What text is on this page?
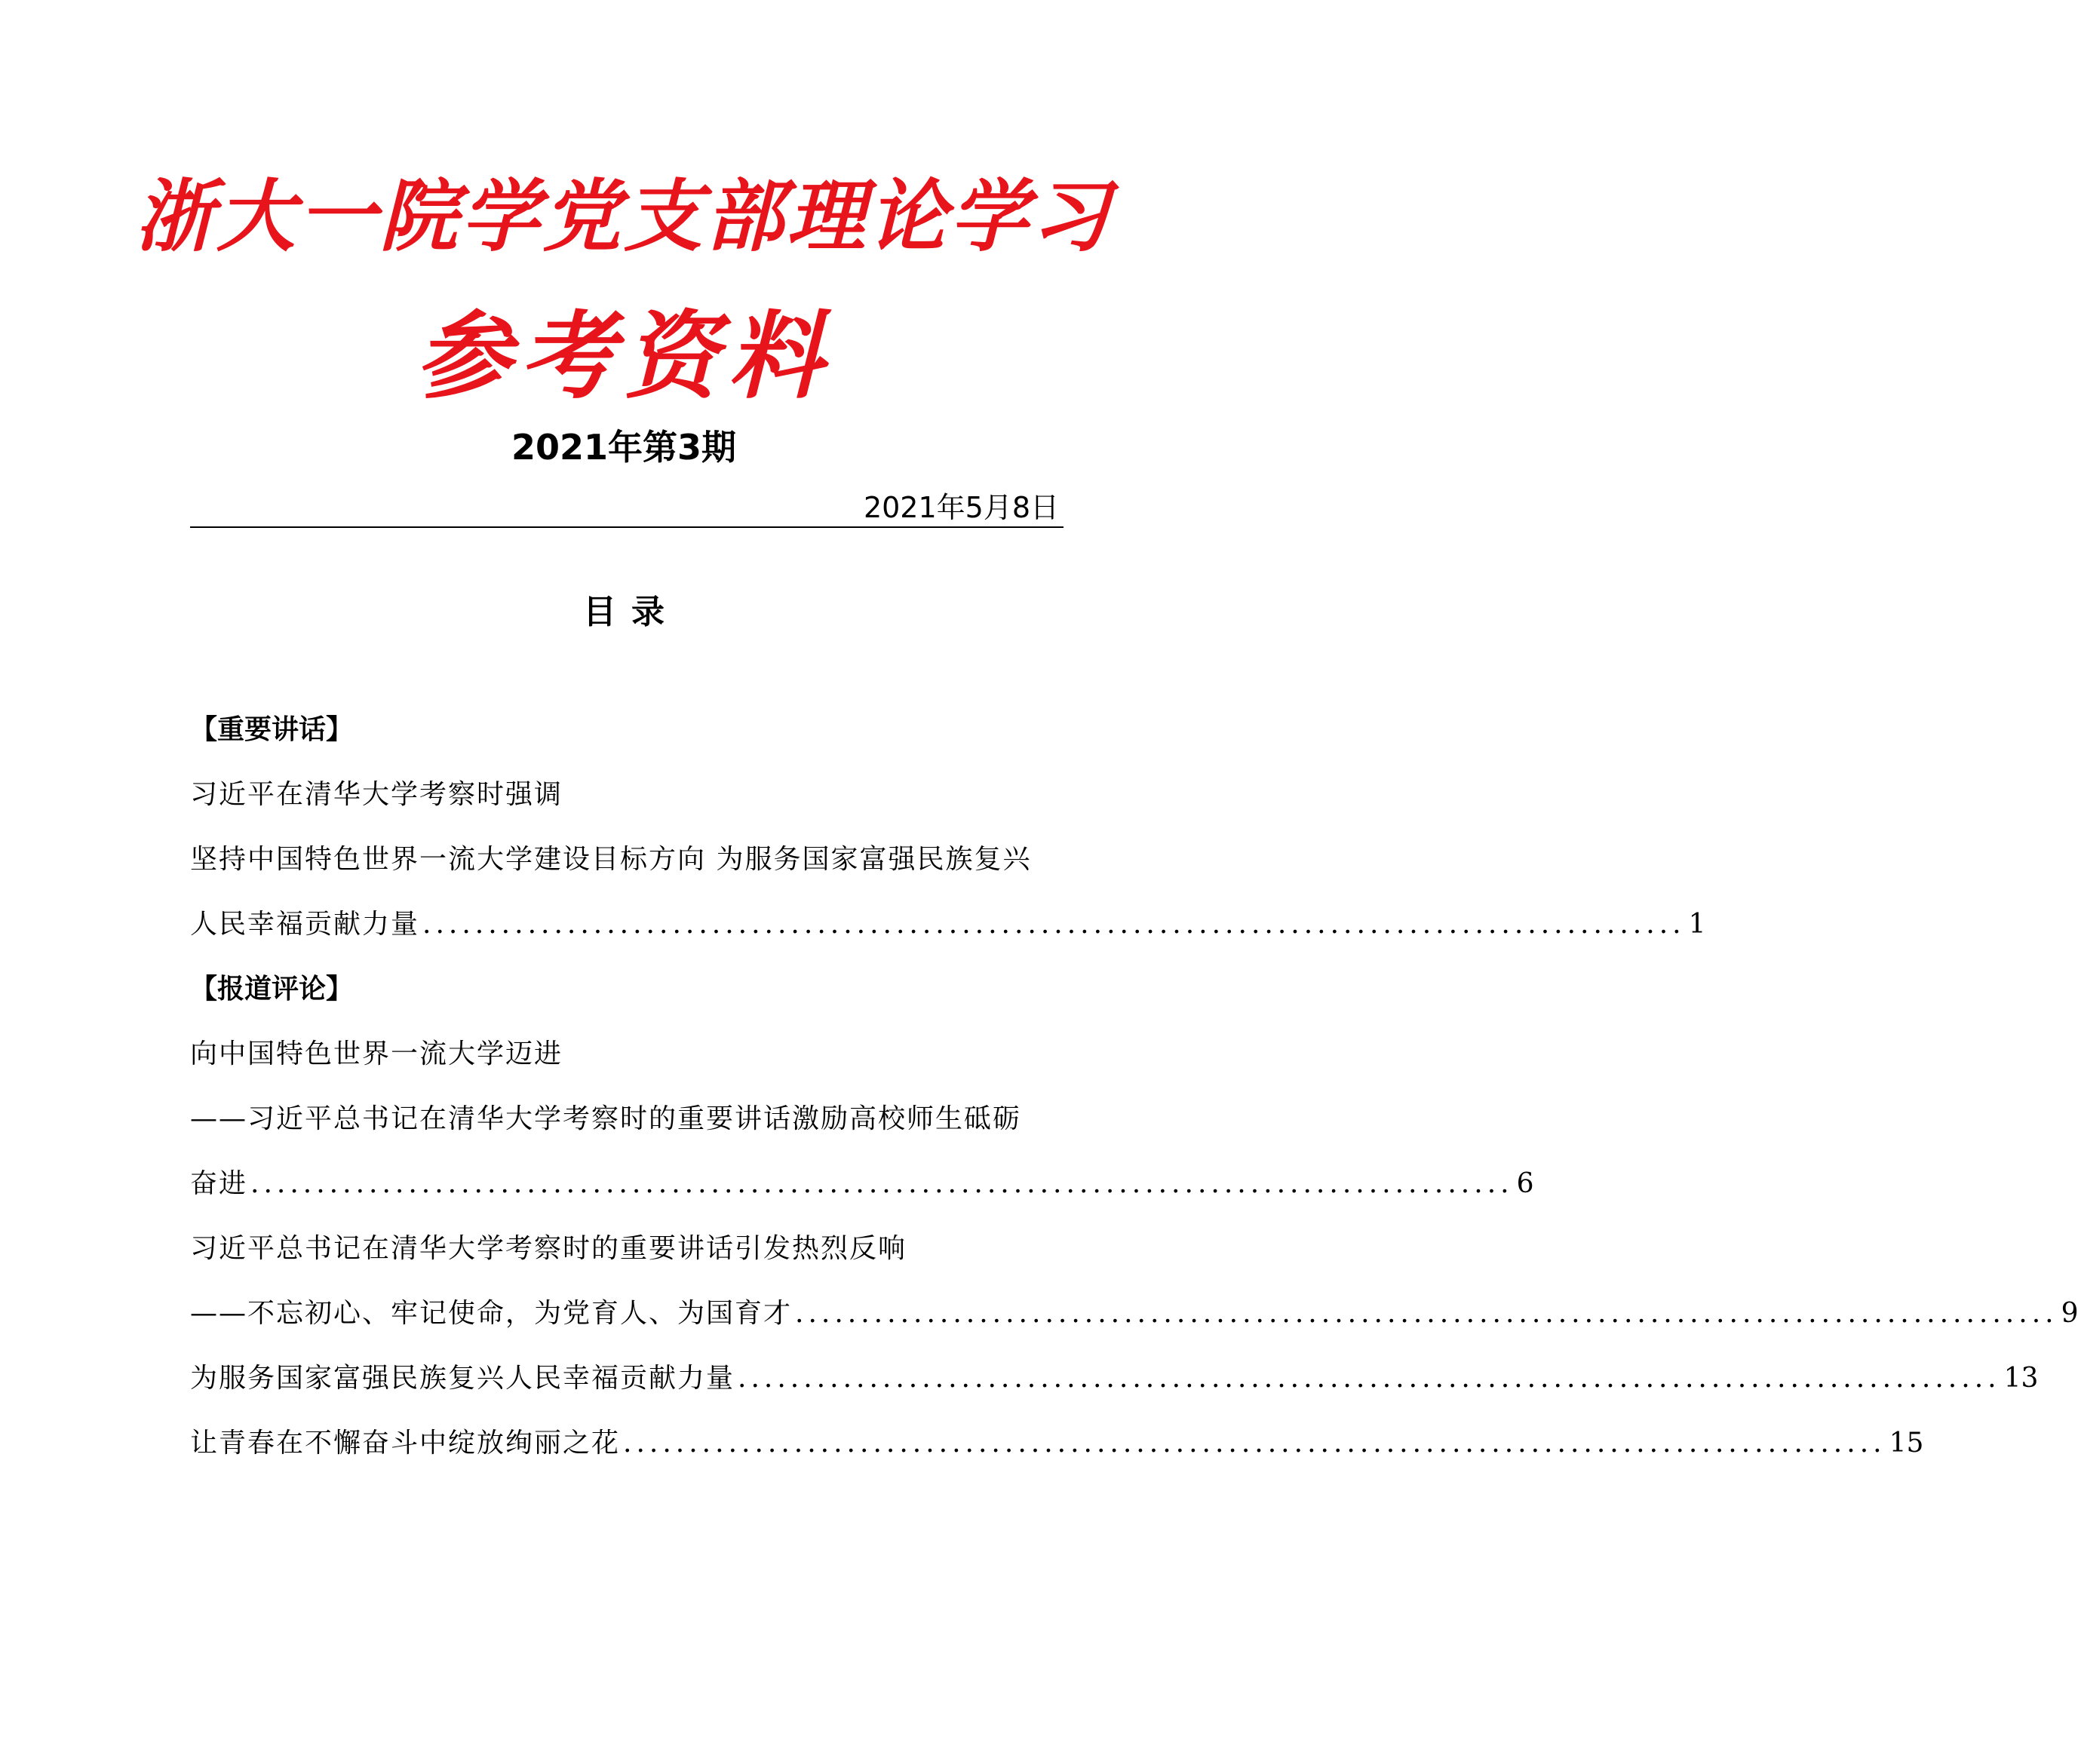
浙大一院学党支部理论学习
参考资料
2021年第3期
2021年5月8日
目录
【重要讲话】
习近平在清华大学考察时强调
坚持中国特色世界一流大学建设目标方向 为服务国家富强民族复兴
人民幸福贡献力量 ................................................................................................ 1
【报道评论】
向中国特色世界一流大学迈进
——习近平总书记在清华大学考察时的重要讲话激励高校师生砥砺
奋进 ................................................................................................ 6
习近平总书记在清华大学考察时的重要讲话引发热烈反响
——不忘初心、牢记使命，为党育人、为国育才 ................................................................................................ 9
为服务国家富强民族复兴人民幸福贡献力量 ................................................................................................ 13
让青春在不懈奋斗中绽放绚丽之花 ................................................................................................ 15
